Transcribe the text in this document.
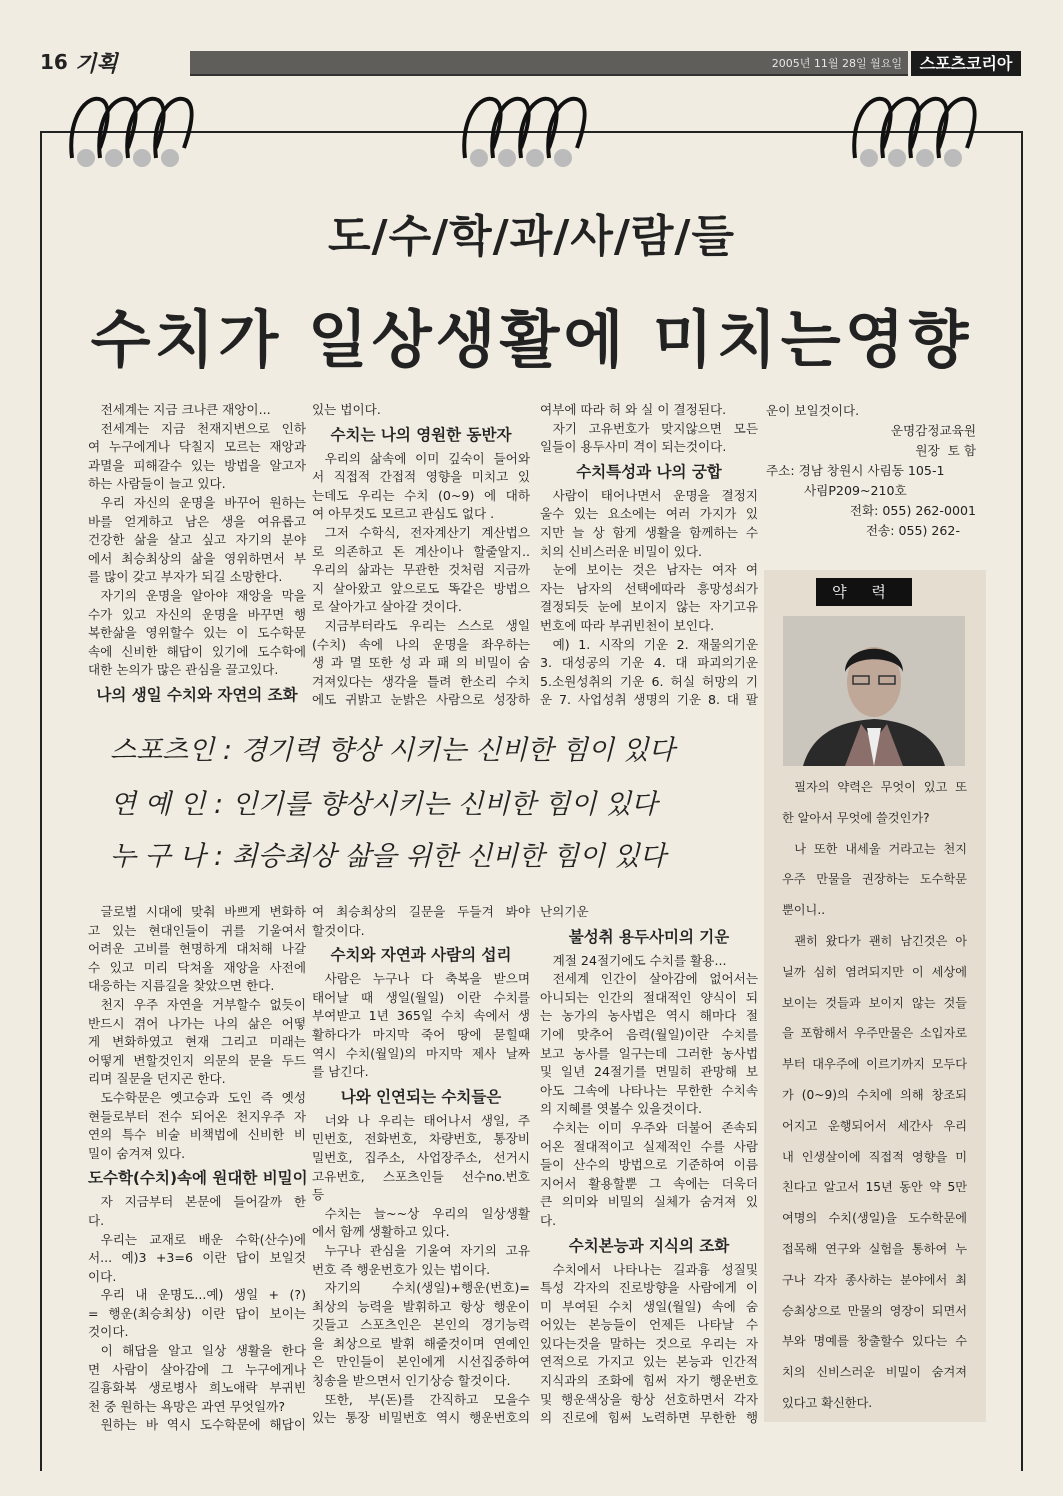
16 기획	2005년 11월 28일 월요일	스포츠코리아
도/수/학/과/사/람/들
수치가 일상생활에 미치는영향
전세계는 지금 크나큰 재앙이...
전세계는 지금 천재지변으로 인하
여 누구에게나 닥칠지 모르는 재앙과
과멸을 피해갈수 있는 방법을 알고자
하는 사람들이 늘고 있다.
우리 자신의 운명을 바꾸어 원하는
바를 얻게하고 남은 생을 여유롭고
건강한 삶을 살고 싶고 자기의 분야
에서 최승최상의 삶을 영위하면서 부
를 많이 갖고 부자가 되길 소망한다.
자기의 운명을 알아야 재앙을 막을
수가 있고 자신의 운명을 바꾸면 행
복한삶을 영위할수 있는 이 도수학문
속에 신비한 해답이 있기에 도수학에
대한 논의가 많은 관심을 끌고있다.
나의 생일 수치와 자연의 조화
있는 법이다.
수치는 나의 영원한 동반자
우리의 삶속에 이미 깊숙이 들어와
서 직접적 간접적 영향을 미치고 있
는데도 우리는 수치 (0~9) 에 대하
여 아무것도 모르고 관심도 없다 .
그저 수학식, 전자계산기 계산법으
로 의존하고 돈 계산이나 할줄알지..
우리의 삶과는 무관한 것처럼 지금까
지 살아왔고 앞으로도 똑같은 방법으
로 살아가고 살아갈 것이다.
지금부터라도 우리는 스스로 생일
(수치) 속에 나의 운명을 좌우하는
생 과 멸 또한 성 과 패 의 비밀이 숨
겨져있다는 생각을 틀려 한소리 수치
에도 귀밝고 눈밝은 사람으로 성장하
여부에 따라 허 와 실 이 결정된다.
자기 고유번호가 맞지않으면 모든
일들이 용두사미 격이 되는것이다.
수치특성과 나의 궁합
사람이 태어나면서 운명을 결정지
울수 있는 요소에는 여러 가지가 있
지만 늘 상 함게 생활을 함께하는 수
치의 신비스러운 비밀이 있다.
눈에 보이는 것은 남자는 여자 여
자는 남자의 선택에따라 흥망성쇠가
결정되듯 눈에 보이지 않는 자기고유
번호에 따라 부귀빈천이 보인다.
예) 1. 시작의 기운 2. 재물의기운
3. 대성공의 기운 4. 대 파괴의기운
5.소원성취의 기운 6. 허실 허망의 기
운 7. 사업성취 생명의 기운 8. 대 팔
운이 보일것이다.
운명감정교육원
원장  토 함
주소: 경남 창원시 사림동 105-1
사림P209~210호
전화: 055) 262-0001
전송: 055) 262-
약 력
필자의 약력은 무엇이 있고 또
한 알아서 무엇에 쓸것인가?
나 또한 내세울 거라고는 천지
우주 만물을 권장하는 도수학문
뿐이니..
괜히 왔다가 괜히 남긴것은 아
닐까 심히 염려되지만 이 세상에
보이는 것들과 보이지 않는 것들
을 포함해서 우주만물은 소입자로
부터 대우주에 이르기까지 모두다
가 (0~9)의 수치에 의해 창조되
어지고 운행되어서 세간사 우리
내 인생살이에 직접적 영향을 미
친다고 알고서 15년 동안 약 5만
여명의 수치(생일)을 도수학문에
접목해 연구와 실험을 통하여 누
구나 각자 종사하는 분야에서 최
승최상으로 만물의 영장이 되면서
부와 명예를 창출할수 있다는 수
치의 신비스러운 비밀이 숨겨져
있다고 확신한다.
스포츠인 : 경기력 향상 시키는 신비한 힘이 있다
연 예 인 : 인기를 향상시키는 신비한 힘이 있다
누 구 나 : 최승최상 삶을 위한 신비한 힘이 있다
글로벌 시대에 맞춰 바쁘게 변화하
고 있는 현대인들이 귀를 기울여서
어려운 고비를 현명하게 대처해 나갈
수 있고 미리 닥쳐올 재앙을 사전에
대응하는 지름길을 찾았으면 한다.
천지 우주 자연을 거부할수 없듯이
반드시 겪어 나가는 나의 삶은 어떻
게 변화하였고 현재 그리고 미래는
어떻게 변할것인지 의문의 문을 두드
리며 질문을 던지곤 한다.
도수학문은 옛고승과 도인 즉 옛성
현들로부터 전수 되어온 천지우주 자
연의 특수 비술 비책법에 신비한 비
밀이 숨겨져 있다.
도수학(수치)속에 원대한 비밀이
자 지금부터 본문에 들어갈까 한
다.
우리는 교재로 배운 수학(산수)에
서... 예)3 +3=6 이란 답이 보일것
이다.
우리 내 운명도...예) 생일 + (?)
= 행운(최승최상) 이란 답이 보이는
것이다.
이 해답을 알고 일상 생활을 한다
면 사람이 살아감에 그 누구에게나
길흉화복 생로병사 희노애락 부귀빈
천 중 원하는 욕망은 과연 무엇일까?
원하는 바 역시 도수학문에 해답이
여 최승최상의 길문을 두들겨 봐야
할것이다.
수치와 자연과 사람의 섭리
사람은 누구나 다 축복을 받으며
태어날 때 생일(월일) 이란 수치를
부여받고 1년 365일 수치 속에서 생
활하다가 마지막 죽어 땅에 묻힐때
역시 수치(월일)의 마지막 제사 날짜
를 남긴다.
나와 인연되는 수치들은
너와 나 우리는 태어나서 생일, 주
민번호, 전화번호, 차량번호, 통장비
밀번호, 집주소, 사업장주소, 선거시
고유번호, 스포츠인들 선수no.번호
등
수치는 늘~~상 우리의 일상생활
에서 함께 생활하고 있다.
누구나 관심을 기울여 자기의 고유
번호 즉 행운번호가 있는 법이다.
자기의 수치(생일)+행운(번호)=
최상의 능력을 발휘하고 항상 행운이
깃들고 스포츠인은 본인의 경기능력
을 최상으로 발휘 해줄것이며 연예인
은 만인들이 본인에게 시선집중하여
칭송을 받으면서 인기상승 할것이다.
또한, 부(돈)를 간직하고 모을수
있는 통장 비밀번호 역시 행운번호의
난의기운
불성취 용두사미의 기운
계절 24절기에도 수치를 활용...
전세계 인간이 살아감에 없어서는
아니되는 인간의 절대적인 양식이 되
는 농가의 농사법은 역시 해마다 절
기에 맞추어 음력(월일)이란 수치를
보고 농사를 일구는데 그러한 농사법
및 일년 24절기를 면밀히 관망해 보
아도 그속에 나타나는 무한한 수치속
의 지혜를 엿볼수 있을것이다.
수치는 이미 우주와 더불어 존속되
어온 절대적이고 실제적인 수를 사람
들이 산수의 방법으로 기준하여 이름
지어서 활용할뿐 그 속에는 더욱더
큰 의미와 비밀의 실체가 숨겨져 있
다.
수치본능과 지식의 조화
수치에서 나타나는 길과흉 성질및
특성 각자의 진로방향을 사람에게 이
미 부여된 수치 생일(월일) 속에 숨
어있는 본능들이 언제든 나타날 수
있다는것을 말하는 것으로 우리는 자
연적으로 가지고 있는 본능과 인간적
지식과의 조화에 힘써 자기 행운번호
및 행운색상을 항상 선호하면서 각자
의 진로에 힘써 노력하면 무한한 행
